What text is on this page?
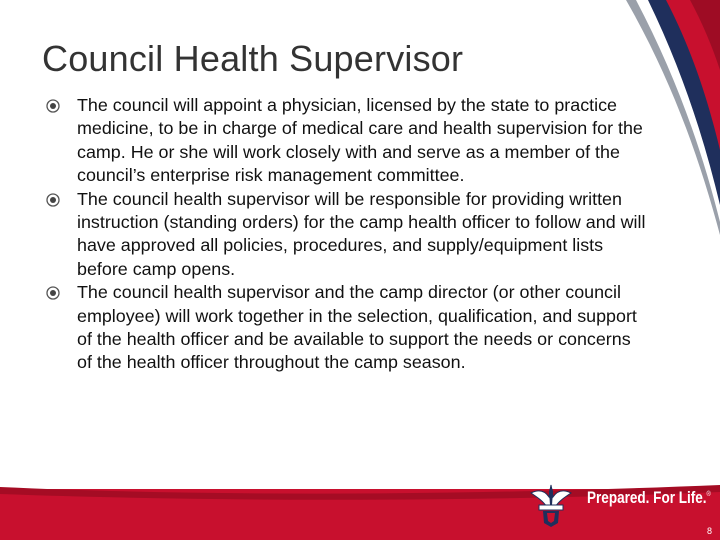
Council Health Supervisor
The council will appoint a physician, licensed by the state to practice medicine, to be in charge of medical care and health supervision for the camp. He or she will work closely with and serve as a member of the council’s enterprise risk management committee.
The council health supervisor will be responsible for providing written instruction (standing orders) for the camp health officer to follow and will have approved all policies, procedures, and supply/equipment lists before camp opens.
The council health supervisor and the camp director (or other council employee) will work together in the selection, qualification, and support of the health officer and be available to support the needs or concerns of the health officer throughout the camp season.
Prepared. For Life.®
8
